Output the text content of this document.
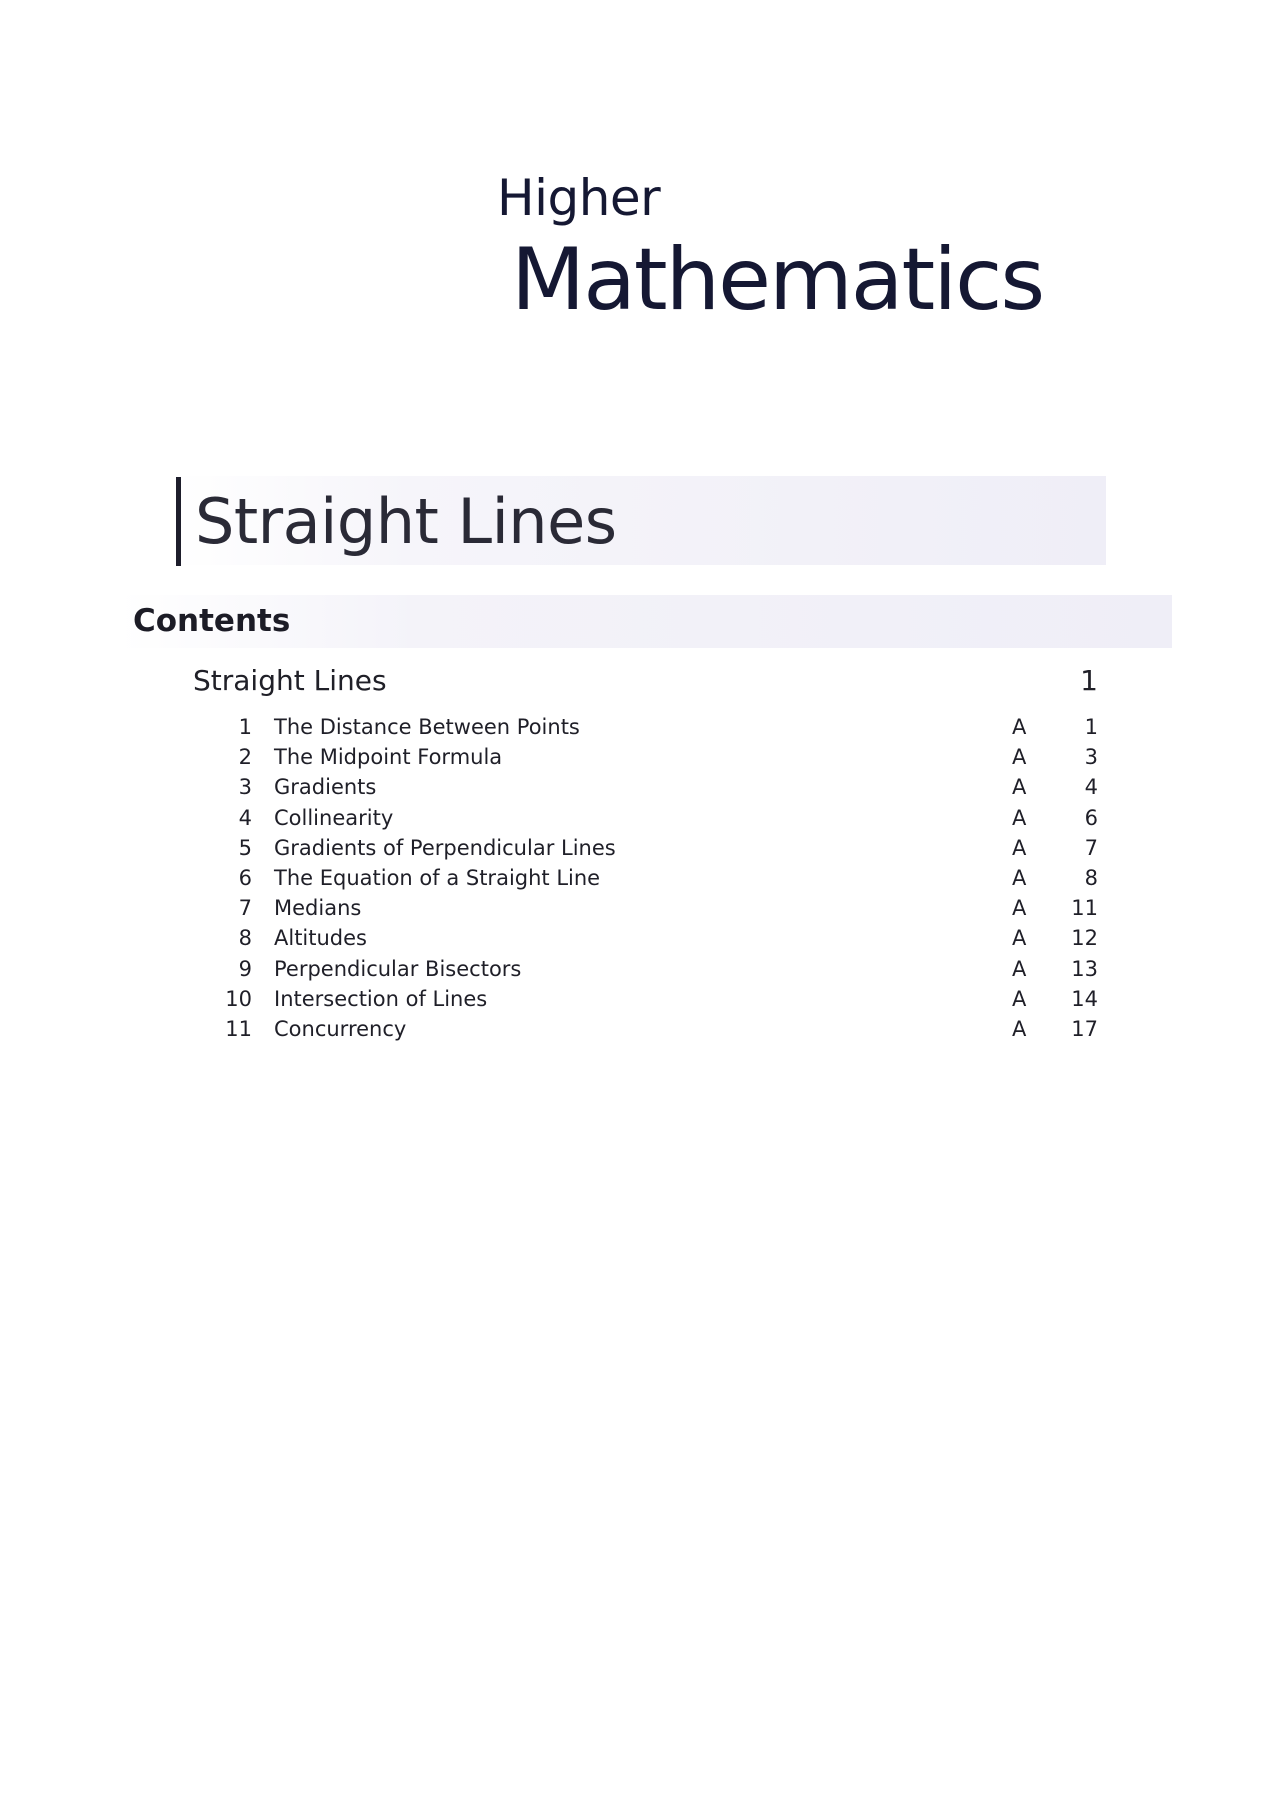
Higher
Mathematics
Straight Lines
Contents
Straight Lines	1
1 The Distance Between Points	A	1
2 The Midpoint Formula	A	3
3 Gradients	A	4
4 Collinearity	A	6
5 Gradients of Perpendicular Lines	A	7
6 The Equation of a Straight Line	A	8
7 Medians	A 11
8 Altitudes	A 12
9 Perpendicular Bisectors	A 13
10 Intersection of Lines	A 14
11 Concurrency	A 17
